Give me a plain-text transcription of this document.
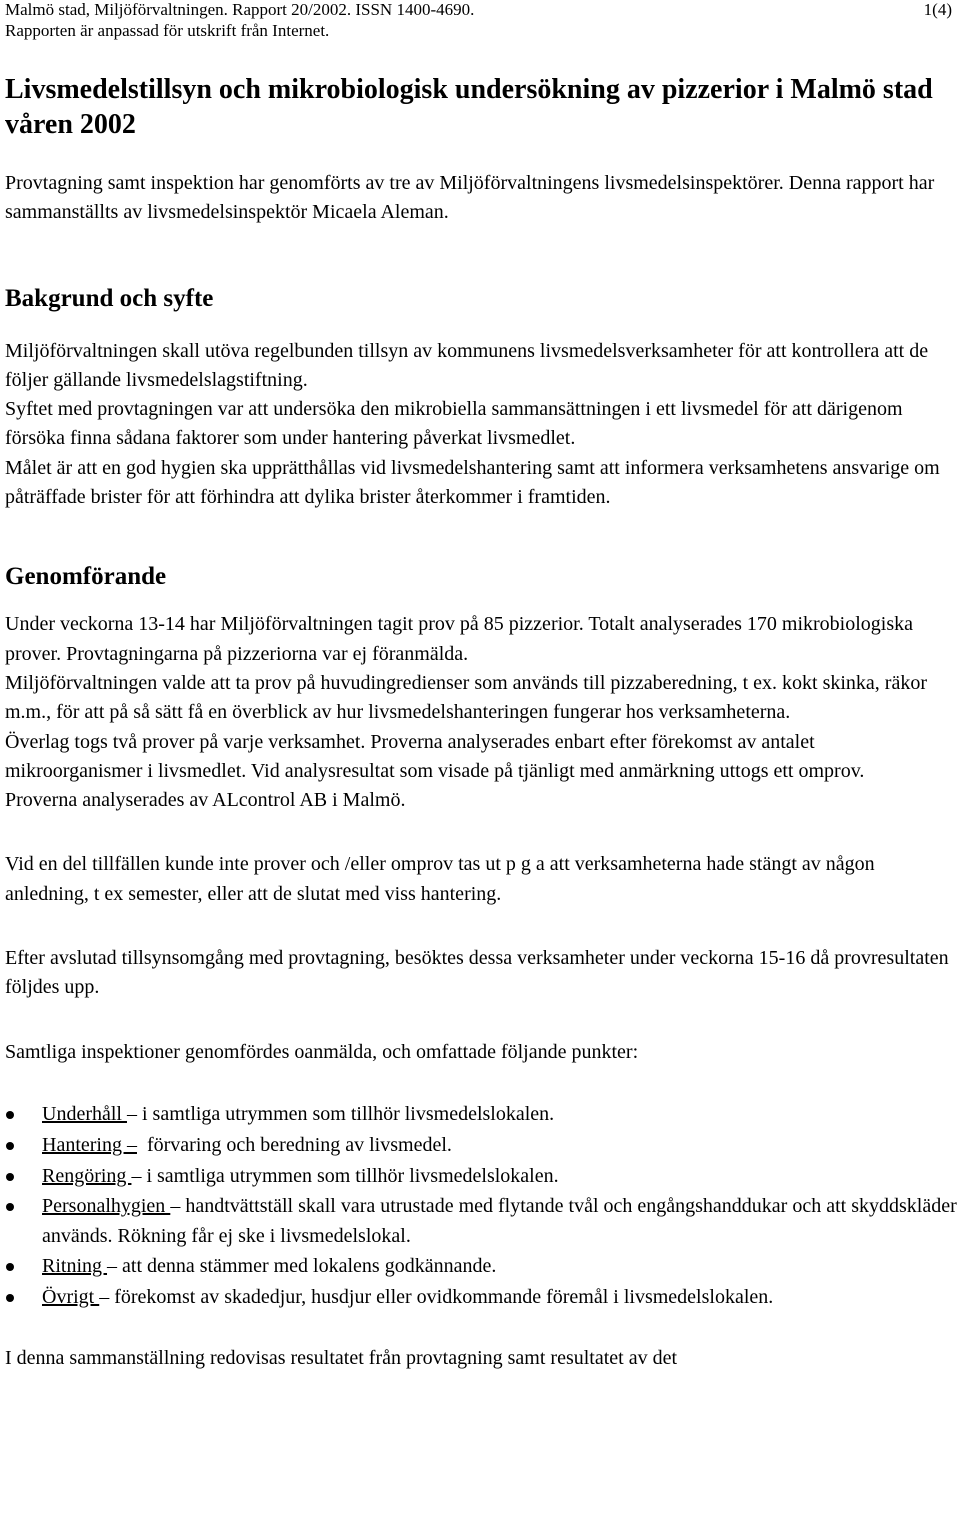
Malmö stad, Miljöförvaltningen. Rapport 20/2002. ISSN 1400-4690.
Rapporten är anpassad för utskrift från Internet.
1(4)
Livsmedelstillsyn och mikrobiologisk undersökning av pizzerior i Malmö stad våren 2002

Provtagning samt inspektion har genomförts av tre av Miljöförvaltningens livsmedelsinspektörer. Denna rapport har sammanställts av livsmedelsinspektör Micaela Aleman.

Bakgrund och syfte

Miljöförvaltningen skall utöva regelbunden tillsyn av kommunens livsmedelsverksamheter för att kontrollera att de följer gällande livsmedelslagstiftning.

Syftet med provtagningen var att undersöka den mikrobiella sammansättningen i ett livsmedel för att därigenom försöka finna sådana faktorer som under hantering påverkat livsmedlet.

Målet är att en god hygien ska upprätthållas vid livsmedelshantering samt att informera verksamhetens ansvarige om påträffade brister för att förhindra att dylika brister återkommer i framtiden.

Genomförande

Under veckorna 13-14 har Miljöförvaltningen tagit prov på 85 pizzerior. Totalt analyserades 170 mikrobiologiska prover. Provtagningarna på pizzeriorna var ej föranmälda.

Miljöförvaltningen valde att ta prov på huvudingredienser som används till pizzaberedning, t ex. kokt skinka, räkor m.m., för att på så sätt få en överblick av hur livsmedelshanteringen fungerar hos verksamheterna.

Överlag togs två prover på varje verksamhet. Proverna analyserades enbart efter förekomst av antalet mikroorganismer i livsmedlet. Vid analysresultat som visade på tjänligt med anmärkning uttogs ett omprov.

Proverna analyserades av ALcontrol AB i Malmö.

Vid en del tillfällen kunde inte prover och /eller omprov tas ut p g a att verksamheterna hade stängt av någon anledning, t ex semester, eller att de slutat med viss hantering.

Efter avslutad tillsynsomgång med provtagning, besöktes dessa verksamheter under veckorna 15-16 då provresultaten följdes upp.

Samtliga inspektioner genomfördes oanmälda, och omfattade följande punkter:

Underhåll – i samtliga utrymmen som tillhör livsmedelslokalen.
Hantering –  förvaring och beredning av livsmedel.
Rengöring – i samtliga utrymmen som tillhör livsmedelslokalen.
Personalhygien – handtvättställ skall vara utrustade med flytande tvål och engångshanddukar och att skyddskläder används. Rökning får ej ske i livsmedelslokal.
Ritning – att denna stämmer med lokalens godkännande.
Övrigt – förekomst av skadedjur, husdjur eller ovidkommande föremål i livsmedelslokalen.

I denna sammanställning redovisas resultatet från provtagning samt resultatet av det
